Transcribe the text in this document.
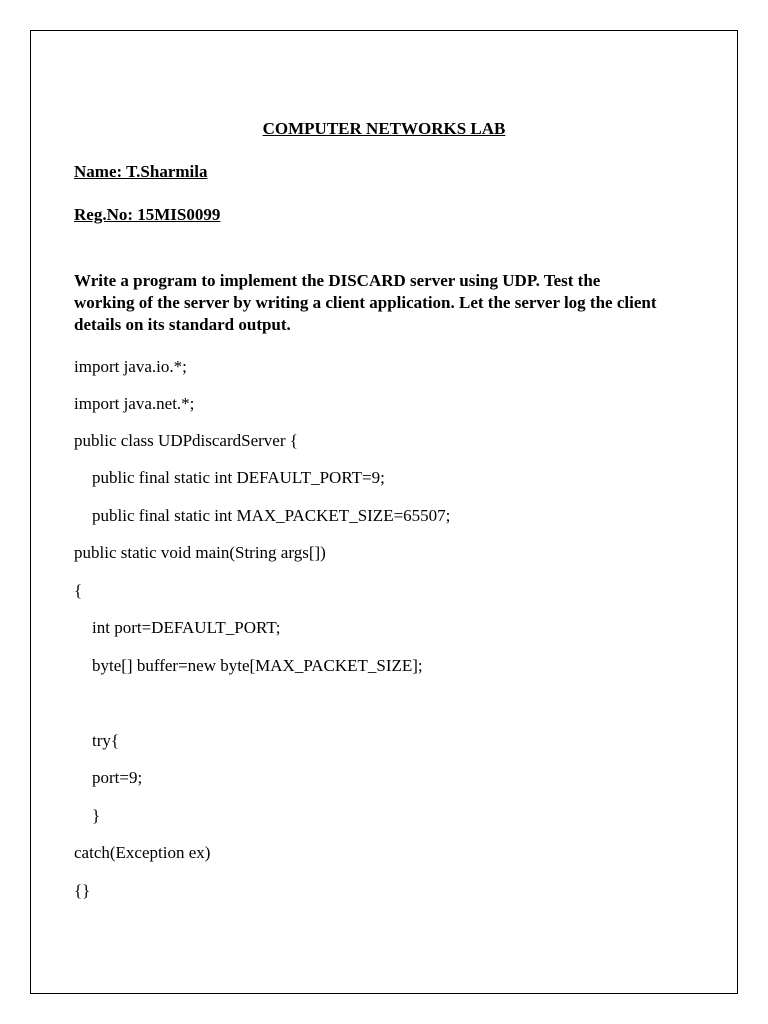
COMPUTER NETWORKS LAB
Name: T.Sharmila
Reg.No: 15MIS0099
Write a program to implement the DISCARD server using UDP. Test the
working of the server by writing a client application. Let the server log the client
details on its standard output.
import java.io.*;
import java.net.*;
public class UDPdiscardServer {
public final static int DEFAULT_PORT=9;
public final static int MAX_PACKET_SIZE=65507;
public static void main(String args[])
{
int port=DEFAULT_PORT;
byte[] buffer=new byte[MAX_PACKET_SIZE];
try{
port=9;
}
catch(Exception ex)
{}
